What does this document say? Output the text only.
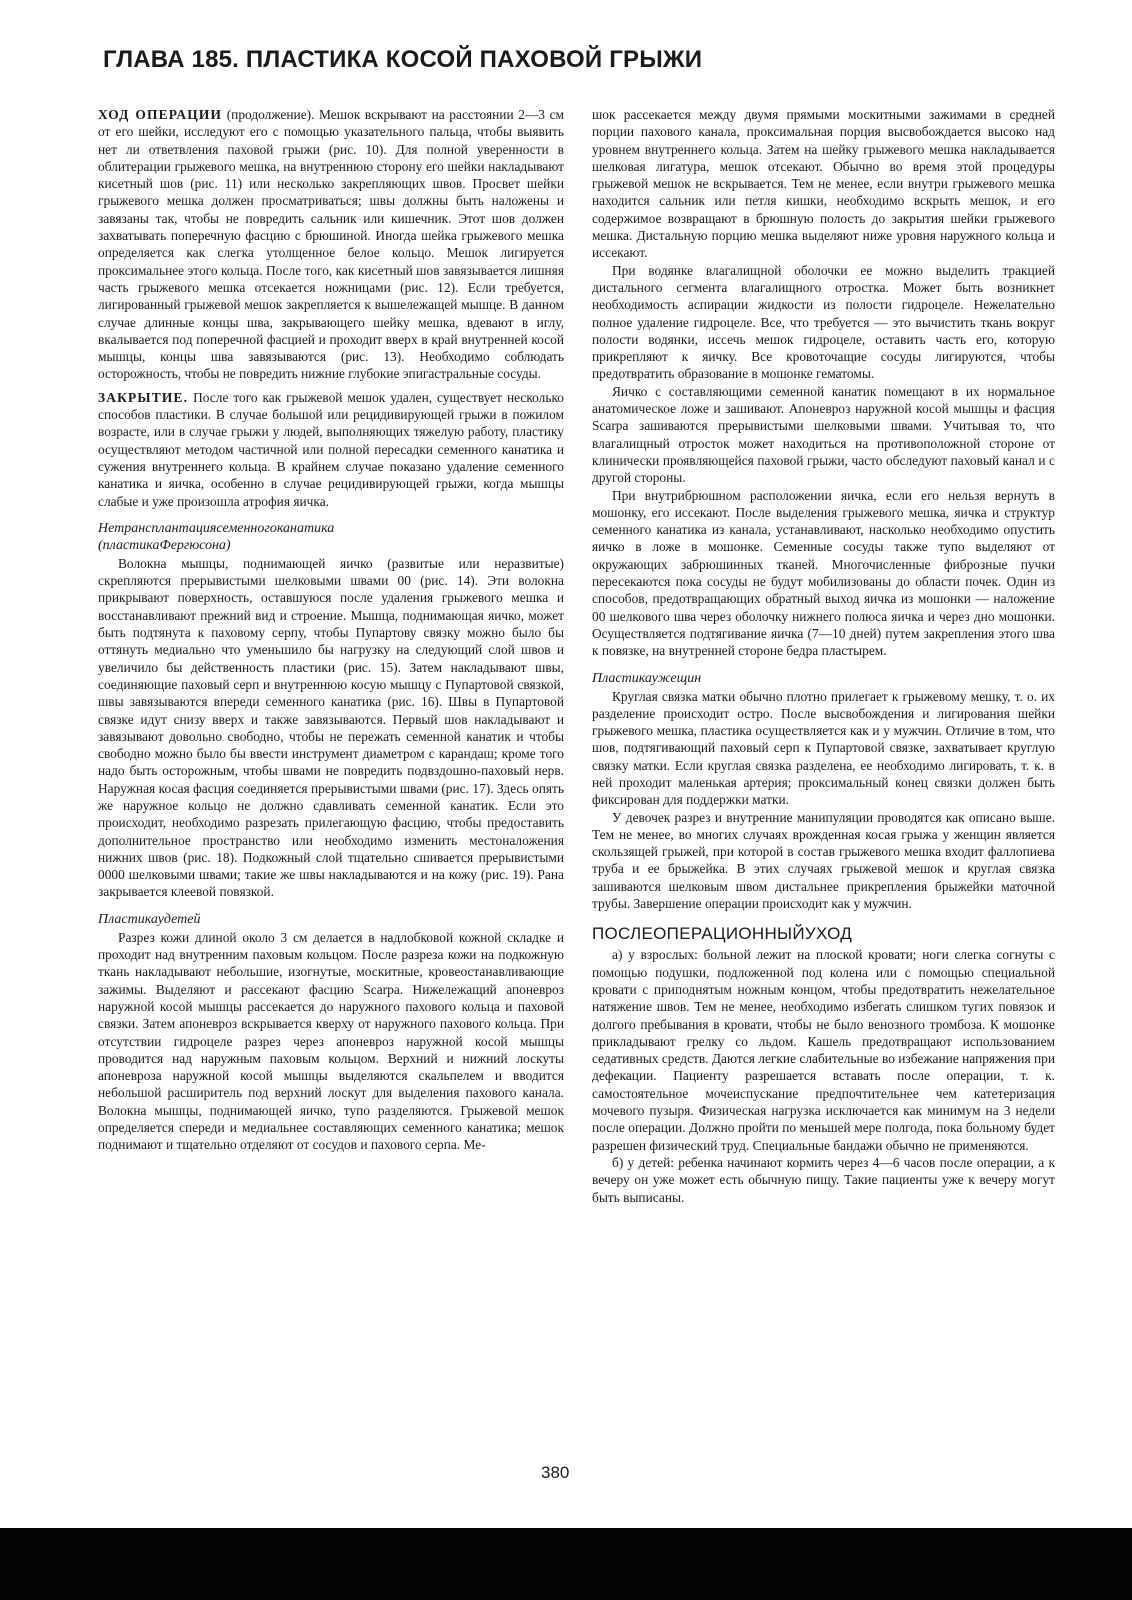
ГЛАВА 185. ПЛАСТИКА КОСОЙ ПАХОВОЙ ГРЫЖИ

ХОД ОПЕРАЦИИ (продолжение). Мешок вскрывают на расстоянии 2—3 см от его шейки, исследуют его с помощью указательного пальца, чтобы выявить нет ли ответвления паховой грыжи (рис. 10). Для полной уверенности в облитерации грыжевого мешка, на внутреннюю сторону его шейки накладывают кисетный шов (рис. 11) или несколько закрепляющих швов. Просвет шейки грыжевого мешка должен просматриваться; швы должны быть наложены и завязаны так, чтобы не повредить сальник или кишечник. Этот шов должен захватывать поперечную фасцию с брюшиной. Иногда шейка грыжевого мешка определяется как слегка утолщенное белое кольцо. Мешок лигируется проксимальнее этого кольца. После того, как кисетный шов завязывается лишняя часть грыжевого мешка отсекается ножницами (рис. 12). Если требуется, лигированный грыжевой мешок закрепляется к вышележащей мышце. В данном случае длинные концы шва, закрывающего шейку мешка, вдевают в иглу, вкалывается под поперечной фасцией и проходит вверх в край внутренней косой мышцы, концы шва завязываются (рис. 13). Необходимо соблюдать осторожность, чтобы не повредить нижние глубокие эпигастральные сосуды.

ЗАКРЫТИЕ. После того как грыжевой мешок удален, существует несколько способов пластики. В случае большой или рецидивирующей грыжи в пожилом возрасте, или в случае грыжи у людей, выполняющих тяжелую работу, пластику осуществляют методом частичной или полной пересадки семенного канатика и сужения внутреннего кольца. В крайнем случае показано удаление семенного канатика и яичка, особенно в случае рецидивирующей грыжи, когда мышцы слабые и уже произошла атрофия яичка.

Нетрансплантациясеменногоканатика
(пластикаФергюсона)

Волокна мышцы, поднимающей яичко (развитые или неразвитые) скрепляются прерывистыми шелковыми швами 00 (рис. 14). Эти волокна прикрывают поверхность, оставшуюся после удаления грыжевого мешка и восстанавливают прежний вид и строение. Мышца, поднимающая яичко, может быть подтянута к паховому серпу, чтобы Пупартову связку можно было бы оттянуть медиально что уменьшило бы нагрузку на следующий слой швов и увеличило бы действенность пластики (рис. 15). Затем накладывают швы, соединяющие паховый серп и внутреннюю косую мышцу с Пупартовой связкой, швы завязываются впереди семенного канатика (рис. 16). Швы в Пупартовой связке идут снизу вверх и также завязываются. Первый шов накладывают и завязывают довольно свободно, чтобы не пережать семенной канатик и чтобы свободно можно было бы ввести инструмент диаметром с карандаш; кроме того надо быть осторожным, чтобы швами не повредить подвздошно-паховый нерв. Наружная косая фасция соединяется прерывистыми швами (рис. 17). Здесь опять же наружное кольцо не должно сдавливать семенной канатик. Если это происходит, необходимо разрезать прилегающую фасцию, чтобы предоставить дополнительное пространство или необходимо изменить местоналожения нижних швов (рис. 18). Подкожный слой тщательно сшивается прерывистыми 0000 шелковыми швами; такие же швы накладываются и на кожу (рис. 19). Рана закрывается клеевой повязкой.

Пластикаудетей

Разрез кожи длиной около 3 см делается в надлобковой кожной складке и проходит над внутренним паховым кольцом. После разреза кожи на подкожную ткань накладывают небольшие, изогнутые, москитные, кровеостанавливающие зажимы. Выделяют и рассекают фасцию Scarpa. Нижележащий апоневроз наружной косой мышцы рассекается до наружного пахового кольца и паховой связки. Затем апоневроз вскрывается кверху от наружного пахового кольца. При отсутствии гидроцеле разрез через апоневроз наружной косой мышцы проводится над наружным паховым кольцом. Верхний и нижний лоскуты апоневроза наружной косой мышцы выделяются скальпелем и вводится небольшой расширитель под верхний лоскут для выделения пахового канала. Волокна мышцы, поднимающей яичко, тупо разделяются. Грыжевой мешок определяется спереди и медиальнее составляющих семенного канатика; мешок поднимают и тщательно отделяют от сосудов и пахового серпа. Ме-

шок рассекается между двумя прямыми москитными зажимами в средней порции пахового канала, проксимальная порция высвобождается высоко над уровнем внутреннего кольца. Затем на шейку грыжевого мешка накладывается шелковая лигатура, мешок отсекают. Обычно во время этой процедуры грыжевой мешок не вскрывается. Тем не менее, если внутри грыжевого мешка находится сальник или петля кишки, необходимо вскрыть мешок, и его содержимое возвращают в брюшную полость до закрытия шейки грыжевого мешка. Дистальную порцию мешка выделяют ниже уровня наружного кольца и иссекают.

При водянке влагалищной оболочки ее можно выделить тракцией дистального сегмента влагалищного отростка. Может быть возникнет необходимость аспирации жидкости из полости гидроцеле. Нежелательно полное удаление гидроцеле. Все, что требуется — это вычистить ткань вокруг полости водянки, иссечь мешок гидроцеле, оставить часть его, которую прикрепляют к яичку. Все кровоточащие сосуды лигируются, чтобы предотвратить образование в мошонке гематомы.

Яичко с составляющими семенной канатик помещают в их нормальное анатомическое ложе и зашивают. Апоневроз наружной косой мышцы и фасция Scarpa зашиваются прерывистыми шелковыми швами. Учитывая то, что влагалищный отросток может находиться на противоположной стороне от клинически проявляющейся паховой грыжи, часто обследуют паховый канал и с другой стороны.

При внутрибрюшном расположении яичка, если его нельзя вернуть в мошонку, его иссекают. После выделения грыжевого мешка, яичка и структур семенного канатика из канала, устанавливают, насколько необходимо опустить яичко в ложе в мошонке. Семенные сосуды также тупо выделяют от окружающих забрюшинных тканей. Многочисленные фиброзные пучки пересекаются пока сосуды не будут мобилизованы до области почек. Один из способов, предотвращающих обратный выход яичка из мошонки — наложение 00 шелкового шва через оболочку нижнего полюса яичка и через дно мошонки. Осуществляется подтягивание яичка (7—10 дней) путем закрепления этого шва к повязке, на внутренней стороне бедра пластырем.

Пластикаужещин

Круглая связка матки обычно плотно прилегает к грыжевому мешку, т. о. их разделение происходит остро. После высвобождения и лигирования шейки грыжевого мешка, пластика осуществляется как и у мужчин. Отличие в том, что шов, подтягивающий паховый серп к Пупартовой связке, захватывает круглую связку матки. Если круглая связка разделена, ее необходимо лигировать, т. к. в ней проходит маленькая артерия; проксимальный конец связки должен быть фиксирован для поддержки матки.

У девочек разрез и внутренние манипуляции проводятся как описано выше. Тем не менее, во многих случаях врожденная косая грыжа у женщин является скользящей грыжей, при которой в состав грыжевого мешка входит фаллопиева труба и ее брыжейка. В этих случаях грыжевой мешок и круглая связка зашиваются шелковым швом дистальнее прикрепления брыжейки маточной трубы. Завершение операции происходит как у мужчин.

ПОСЛЕОПЕРАЦИОННЫЙУХОД

а) у взрослых: больной лежит на плоской кровати; ноги слегка согнуты с помощью подушки, подложенной под колена или с помощью специальной кровати с приподнятым ножным концом, чтобы предотвратить нежелательное натяжение швов. Тем не менее, необходимо избегать слишком тугих повязок и долгого пребывания в кровати, чтобы не было венозного тромбоза. К мошонке прикладывают грелку со льдом. Кашель предотвращают использованием седативных средств. Даются легкие слабительные во избежание напряжения при дефекации. Пациенту разрешается вставать после операции, т. к. самостоятельное мочеиспускание предпочтительнее чем катетеризация мочевого пузыря. Физическая нагрузка исключается как минимум на 3 недели после операции. Должно пройти по меньшей мере полгода, пока больному будет разрешен физический труд. Специальные бандажи обычно не применяются.

б) у детей: ребенка начинают кормить через 4—6 часов после операции, а к вечеру он уже может есть обычную пищу. Такие пациенты уже к вечеру могут быть выписаны.

380
